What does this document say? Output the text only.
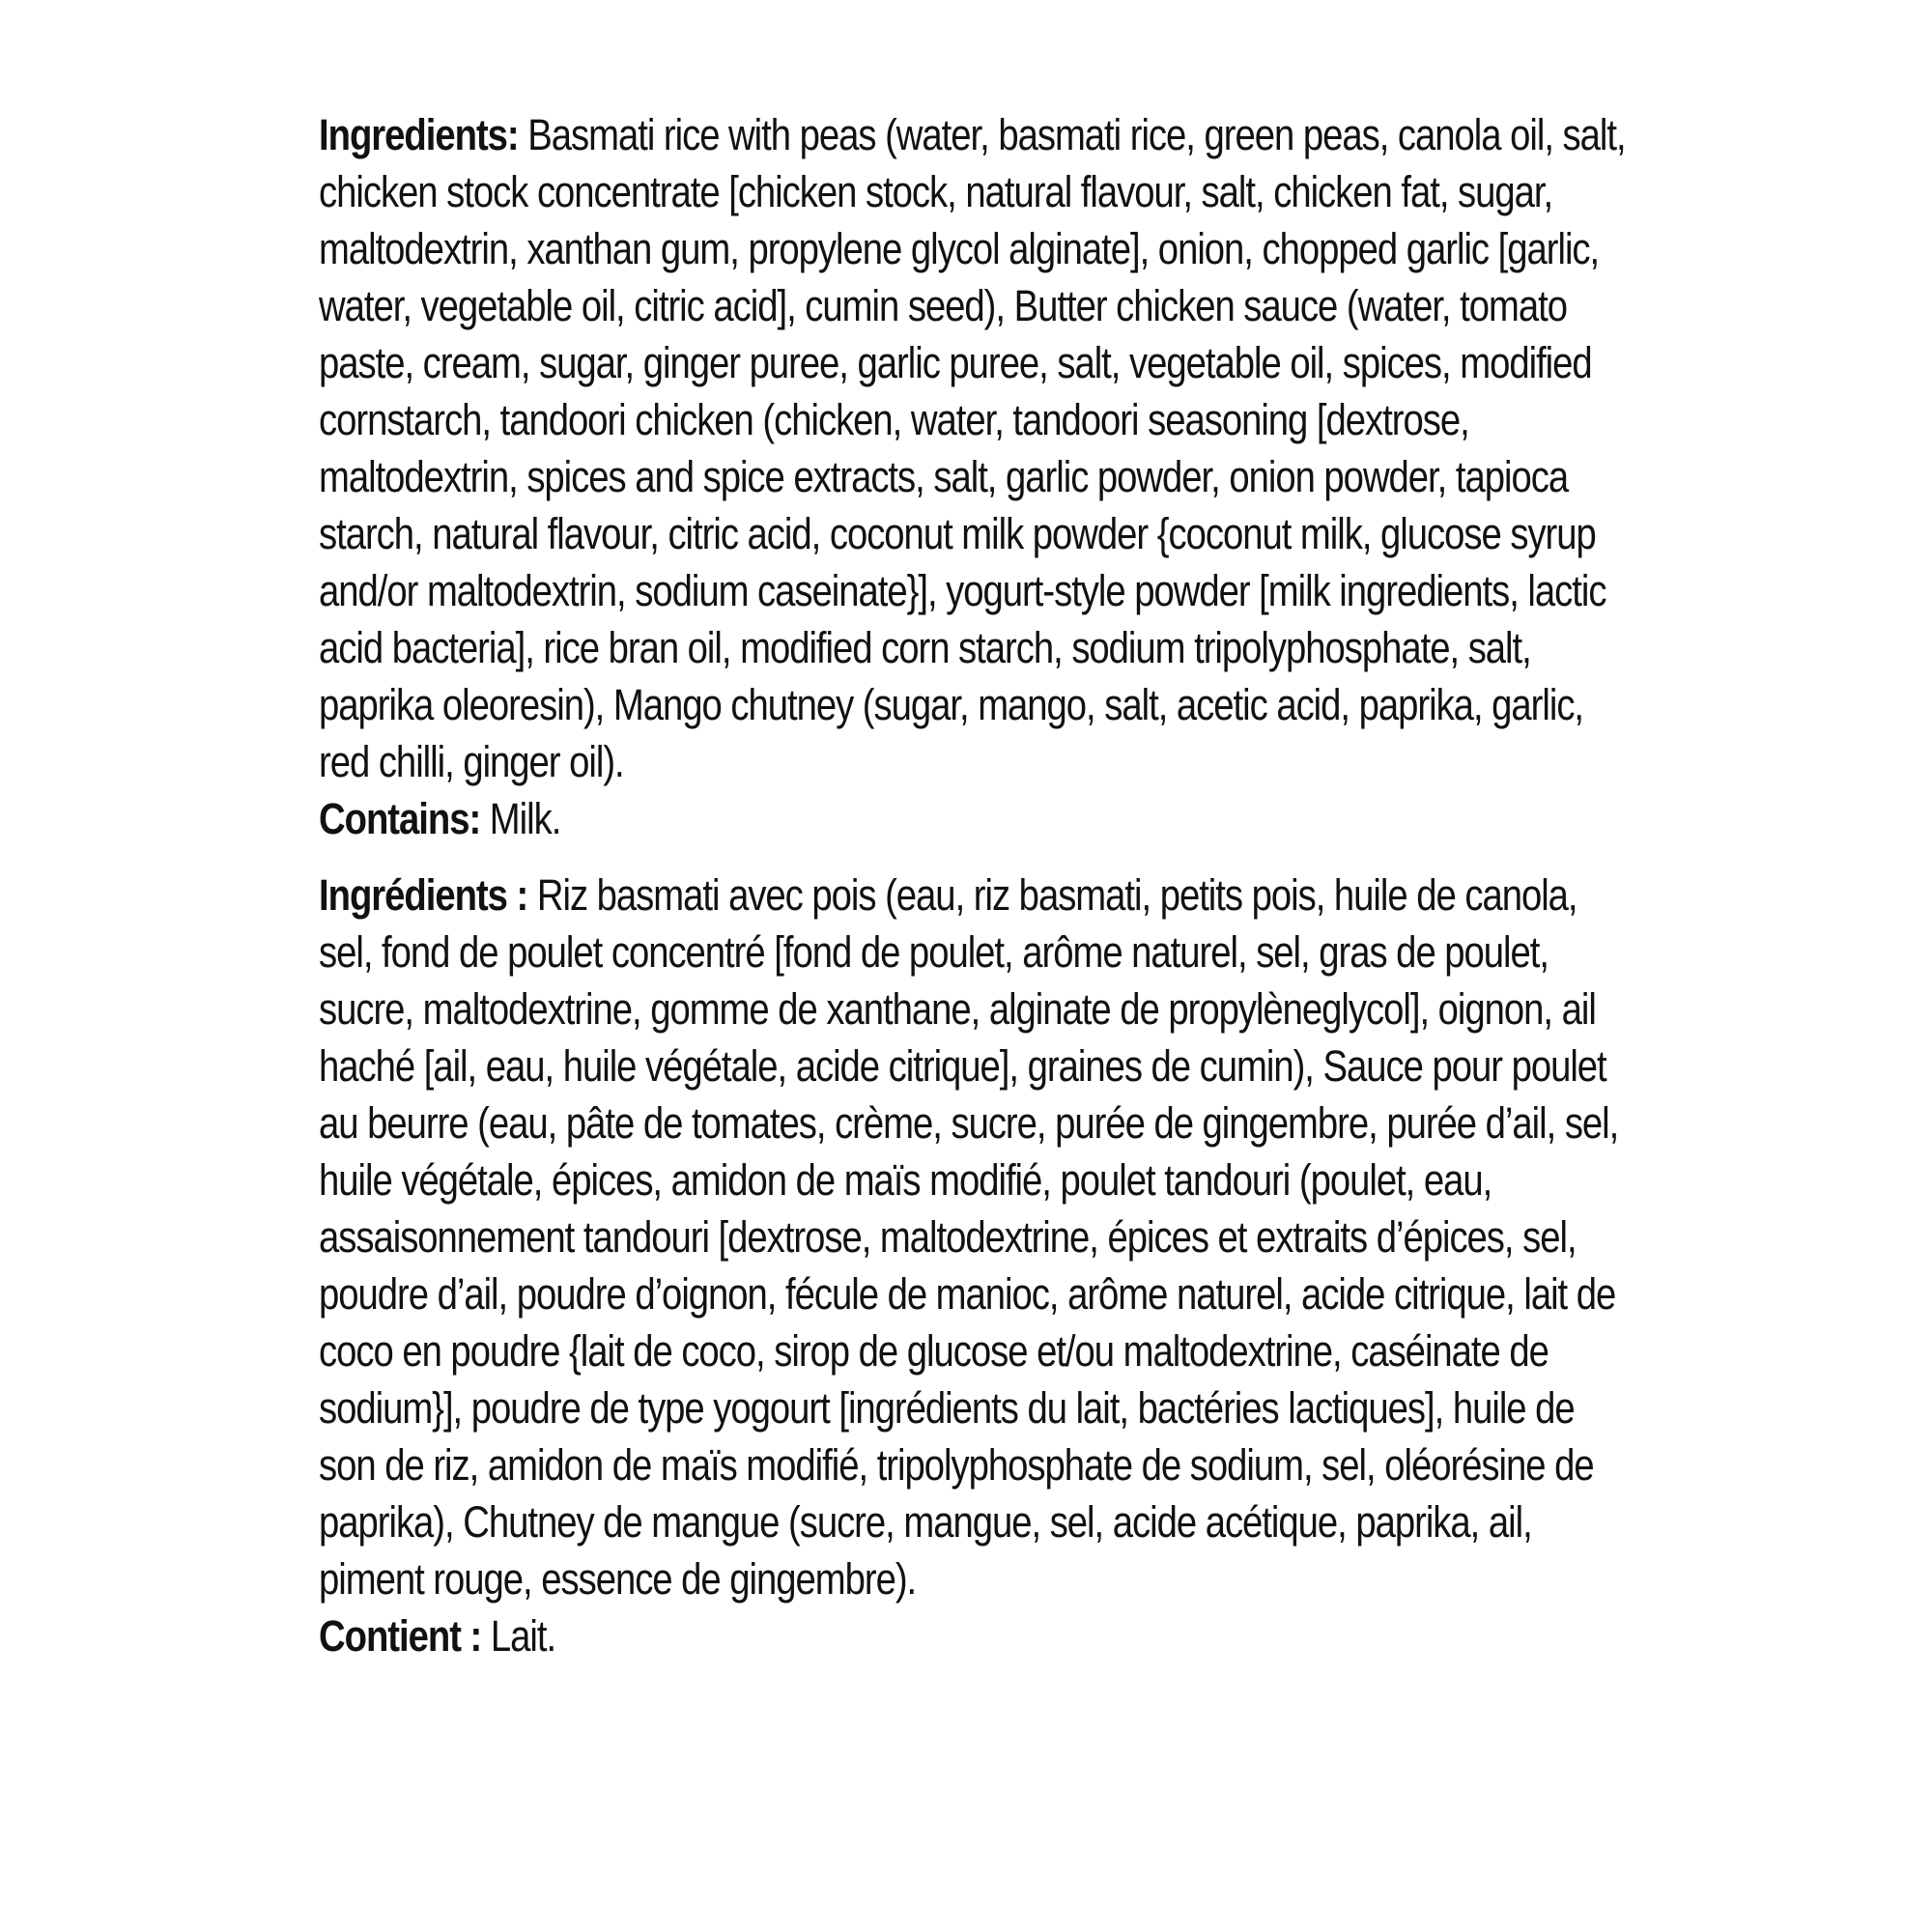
Ingredients: Basmati rice with peas (water, basmati rice, green peas, canola oil, salt, chicken stock concentrate [chicken stock, natural flavour, salt, chicken fat, sugar, maltodextrin, xanthan gum, propylene glycol alginate], onion, chopped garlic [garlic, water, vegetable oil, citric acid], cumin seed), Butter chicken sauce (water, tomato paste, cream, sugar, ginger puree, garlic puree, salt, vegetable oil, spices, modified cornstarch, tandoori chicken (chicken, water, tandoori seasoning [dextrose, maltodextrin, spices and spice extracts, salt, garlic powder, onion powder, tapioca starch, natural flavour, citric acid, coconut milk powder {coconut milk, glucose syrup and/or maltodextrin, sodium caseinate}], yogurt-style powder [milk ingredients, lactic acid bacteria], rice bran oil, modified corn starch, sodium tripolyphosphate, salt, paprika oleoresin), Mango chutney (sugar, mango, salt, acetic acid, paprika, garlic, red chilli, ginger oil).

Contains: Milk.

Ingrédients : Riz basmati avec pois (eau, riz basmati, petits pois, huile de canola, sel, fond de poulet concentré [fond de poulet, arôme naturel, sel, gras de poulet, sucre, maltodextrine, gomme de xanthane, alginate de propylèneglycol], oignon, ail haché [ail, eau, huile végétale, acide citrique], graines de cumin), Sauce pour poulet au beurre (eau, pâte de tomates, crème, sucre, purée de gingembre, purée d’ail, sel, huile végétale, épices, amidon de maïs modifié, poulet tandouri (poulet, eau, assaisonnement tandouri [dextrose, maltodextrine, épices et extraits d’épices, sel, poudre d’ail, poudre d’oignon, fécule de manioc, arôme naturel, acide citrique, lait de coco en poudre {lait de coco, sirop de glucose et/ou maltodextrine, caséinate de sodium}], poudre de type yogourt [ingrédients du lait, bactéries lactiques], huile de son de riz, amidon de maïs modifié, tripolyphosphate de sodium, sel, oléorésine de paprika), Chutney de mangue (sucre, mangue, sel, acide acétique, paprika, ail, piment rouge, essence de gingembre).

Contient : Lait.
